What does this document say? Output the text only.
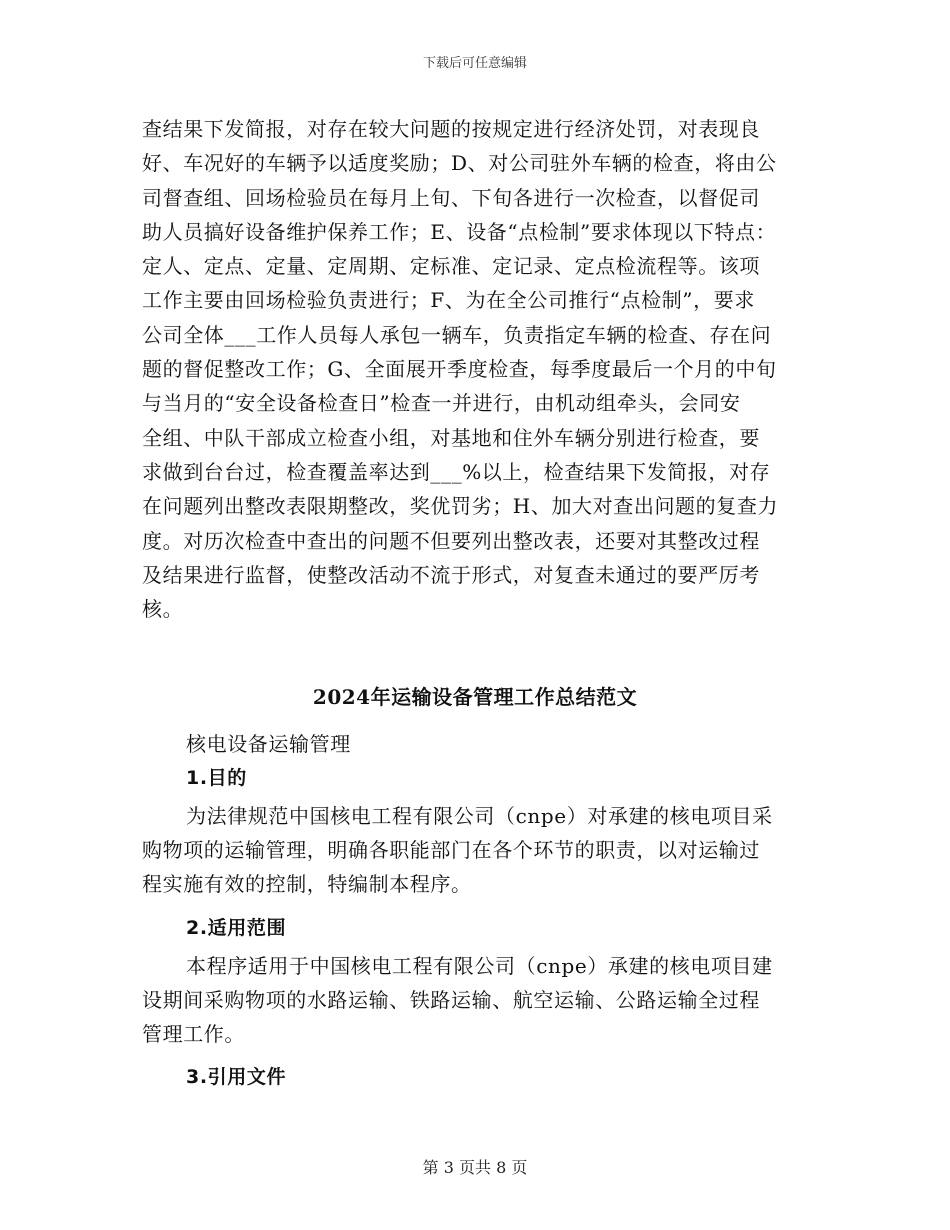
下载后可任意编辑
查结果下发简报，对存在较大问题的按规定进行经济处罚，对表现良
好、车况好的车辆予以适度奖励；D、对公司驻外车辆的检查，将由公
司督查组、回场检验员在每月上旬、下旬各进行一次检查，以督促司
助人员搞好设备维护保养工作；E、设备“点检制”要求体现以下特点：
定人、定点、定量、定周期、定标准、定记录、定点检流程等。该项
工作主要由回场检验负责进行；F、为在全公司推行“点检制”，要求
公司全体___工作人员每人承包一辆车，负责指定车辆的检查、存在问
题的督促整改工作；G、全面展开季度检查，每季度最后一个月的中旬
与当月的“安全设备检查日”检查一并进行，由机动组牵头，会同安
全组、中队干部成立检查小组，对基地和住外车辆分别进行检查，要
求做到台台过，检查覆盖率达到___%以上，检查结果下发简报，对存
在问题列出整改表限期整改，奖优罚劣；H、加大对查出问题的复查力
度。对历次检查中查出的问题不但要列出整改表，还要对其整改过程
及结果进行监督，使整改活动不流于形式，对复查未通过的要严厉考
核。
2024年运输设备管理工作总结范文
核电设备运输管理
1.目的
为法律规范中国核电工程有限公司（cnpe）对承建的核电项目采
购物项的运输管理，明确各职能部门在各个环节的职责，以对运输过
程实施有效的控制，特编制本程序。
2.适用范围
本程序适用于中国核电工程有限公司（cnpe）承建的核电项目建
设期间采购物项的水路运输、铁路运输、航空运输、公路运输全过程
管理工作。
3.引用文件
第 3 页共 8 页
